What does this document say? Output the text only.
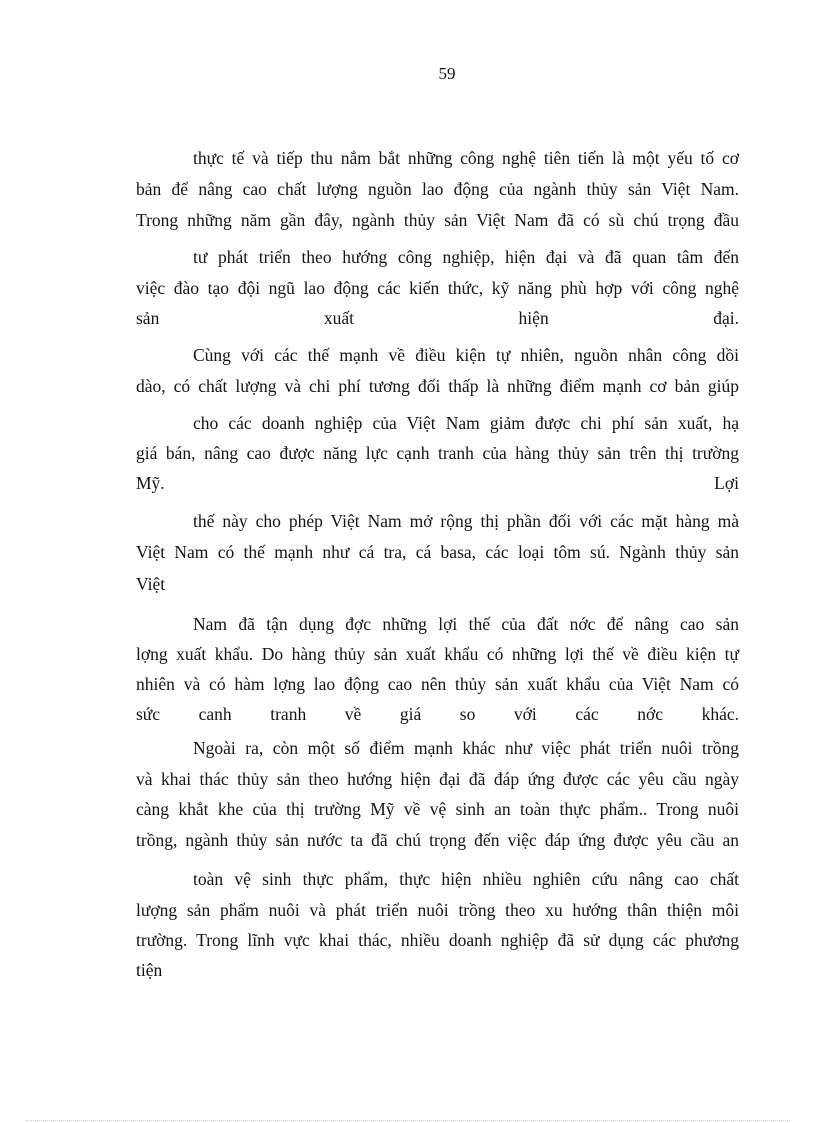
59
thực tế và tiếp thu nắm bắt những công nghệ tiên tiến là một yếu tố cơ
bản để nâng cao chất lượng nguồn lao động của ngành thủy sản Việt Nam.
Trong những năm gần đây, ngành thủy sản Việt Nam đã có sù chú trọng đầu
tư phát triển theo hướng công nghiệp, hiện đại và đã quan tâm đến
việc đào tạo đội ngũ lao động các kiến thức, kỹ năng phù hợp với công nghệ
sản xuất hiện đại.
Cùng với các thế mạnh về điều kiện tự nhiên, nguồn nhân công dồi
dào, có chất lượng và chi phí tương đối thấp là những điểm mạnh cơ bản giúp
cho các doanh nghiệp của Việt Nam giảm được chi phí sản xuất, hạ
giá bán, nâng cao được năng lực cạnh tranh của hàng thủy sản trên thị trường
Mỹ. Lợi
thế này cho phép Việt Nam mở rộng thị phần đối với các mặt hàng mà
Việt Nam có thế mạnh như cá tra, cá basa, các loại tôm sú. Ngành thủy sản
Việt
Nam đã tận dụng đợc những lợi thế của đất nớc để nâng cao sản
lợng xuất khẩu. Do hàng thủy sản xuất khẩu có những lợi thế về điều kiện tự
nhiên và có hàm lợng lao động cao nên thủy sản xuất khẩu của Việt Nam có
sức canh tranh về giá so với các nớc khác.
Ngoài ra, còn một số điểm mạnh khác như việc phát triển nuôi trồng
và khai thác thủy sản theo hướng hiện đại đã đáp ứng được các yêu cầu ngày
càng khắt khe của thị trường Mỹ về vệ sinh an toàn thực phẩm.. Trong nuôi
trồng, ngành thủy sản nước ta đã chú trọng đến việc đáp ứng được yêu cầu an
toàn vệ sinh thực phẩm, thực hiện nhiều nghiên cứu nâng cao chất
lượng sản phẩm nuôi và phát triển nuôi trồng theo xu hướng thân thiện môi
trường. Trong lĩnh vực khai thác, nhiều doanh nghiệp đã sử dụng các phương
tiện
